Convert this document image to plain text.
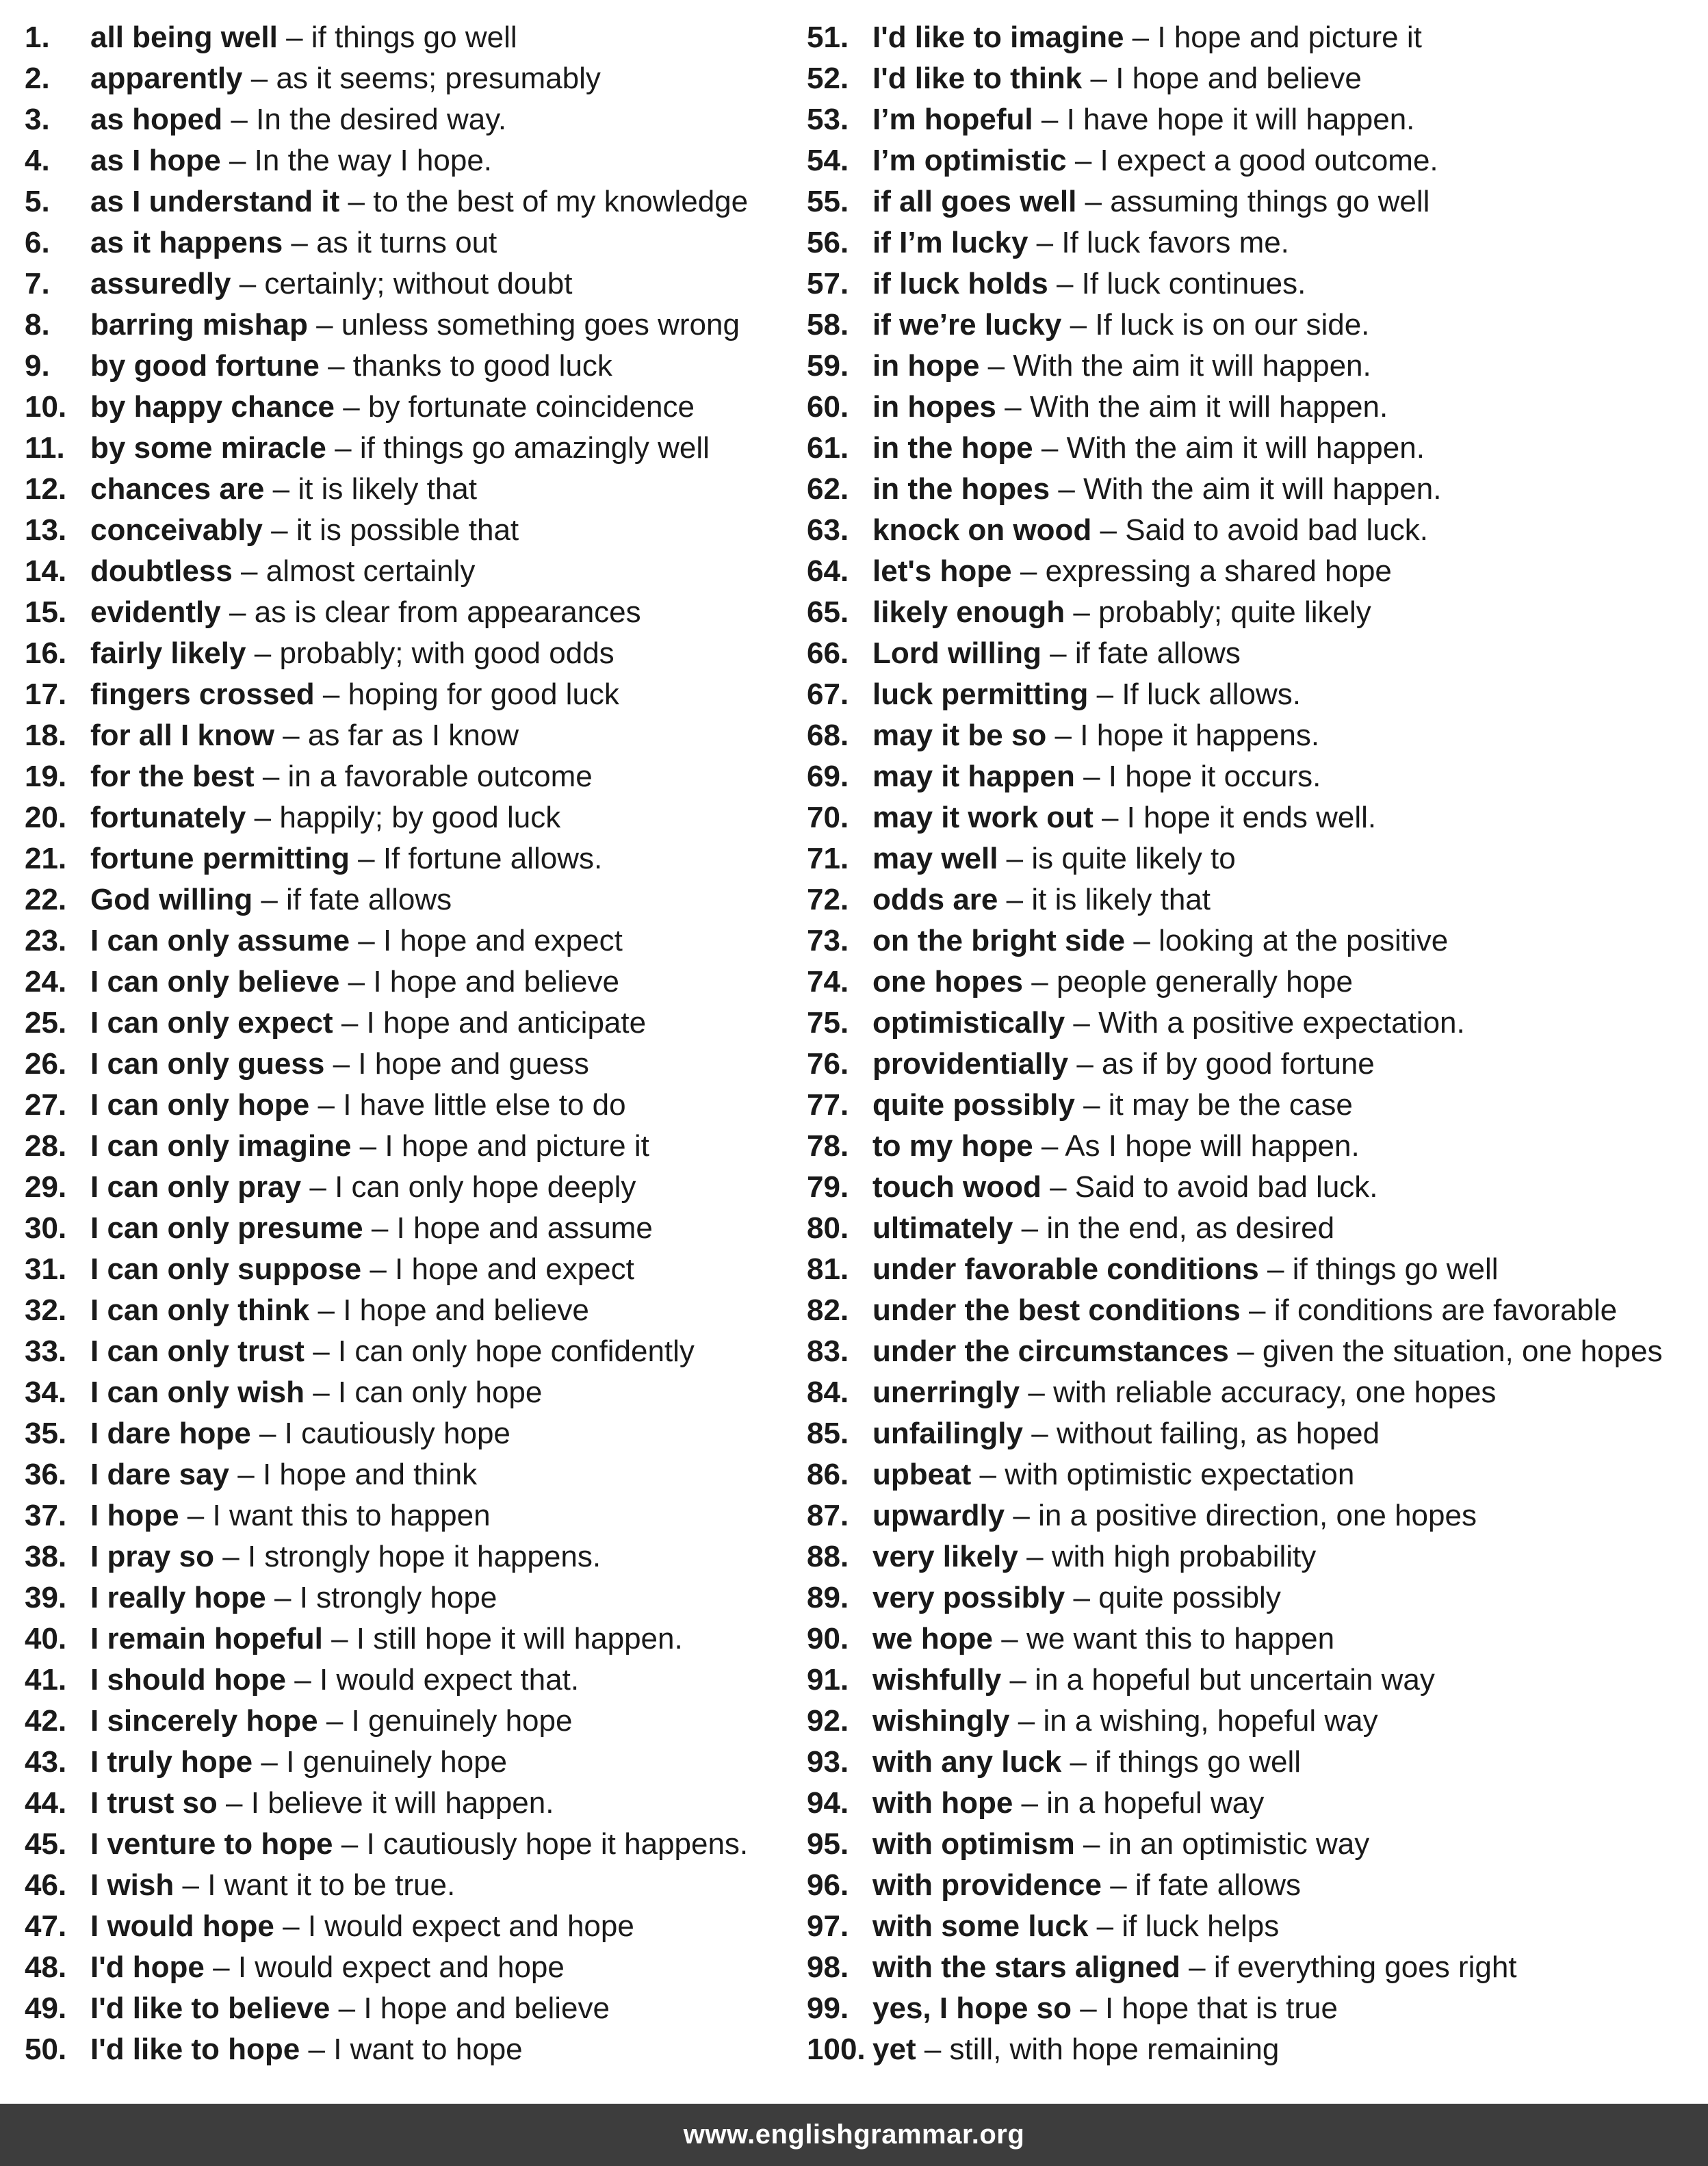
1. all being well – if things go well
2. apparently – as it seems; presumably
3. as hoped – In the desired way.
4. as I hope – In the way I hope.
5. as I understand it – to the best of my knowledge
6. as it happens – as it turns out
7. assuredly – certainly; without doubt
8. barring mishap – unless something goes wrong
9. by good fortune – thanks to good luck
10. by happy chance – by fortunate coincidence
11. by some miracle – if things go amazingly well
12. chances are – it is likely that
13. conceivably – it is possible that
14. doubtless – almost certainly
15. evidently – as is clear from appearances
16. fairly likely – probably; with good odds
17. fingers crossed – hoping for good luck
18. for all I know – as far as I know
19. for the best – in a favorable outcome
20. fortunately – happily; by good luck
21. fortune permitting – If fortune allows.
22. God willing – if fate allows
23. I can only assume – I hope and expect
24. I can only believe – I hope and believe
25. I can only expect – I hope and anticipate
26. I can only guess – I hope and guess
27. I can only hope – I have little else to do
28. I can only imagine – I hope and picture it
29. I can only pray – I can only hope deeply
30. I can only presume – I hope and assume
31. I can only suppose – I hope and expect
32. I can only think – I hope and believe
33. I can only trust – I can only hope confidently
34. I can only wish – I can only hope
35. I dare hope – I cautiously hope
36. I dare say – I hope and think
37. I hope – I want this to happen
38. I pray so – I strongly hope it happens.
39. I really hope – I strongly hope
40. I remain hopeful – I still hope it will happen.
41. I should hope – I would expect that.
42. I sincerely hope – I genuinely hope
43. I truly hope – I genuinely hope
44. I trust so – I believe it will happen.
45. I venture to hope – I cautiously hope it happens.
46. I wish – I want it to be true.
47. I would hope – I would expect and hope
48. I'd hope – I would expect and hope
49. I'd like to believe – I hope and believe
50. I'd like to hope – I want to hope
51. I'd like to imagine – I hope and picture it
52. I'd like to think – I hope and believe
53. I’m hopeful – I have hope it will happen.
54. I’m optimistic – I expect a good outcome.
55. if all goes well – assuming things go well
56. if I’m lucky – If luck favors me.
57. if luck holds – If luck continues.
58. if we’re lucky – If luck is on our side.
59. in hope – With the aim it will happen.
60. in hopes – With the aim it will happen.
61. in the hope – With the aim it will happen.
62. in the hopes – With the aim it will happen.
63. knock on wood – Said to avoid bad luck.
64. let's hope – expressing a shared hope
65. likely enough – probably; quite likely
66. Lord willing – if fate allows
67. luck permitting – If luck allows.
68. may it be so – I hope it happens.
69. may it happen – I hope it occurs.
70. may it work out – I hope it ends well.
71. may well – is quite likely to
72. odds are – it is likely that
73. on the bright side – looking at the positive
74. one hopes – people generally hope
75. optimistically – With a positive expectation.
76. providentially – as if by good fortune
77. quite possibly – it may be the case
78. to my hope – As I hope will happen.
79. touch wood – Said to avoid bad luck.
80. ultimately – in the end, as desired
81. under favorable conditions – if things go well
82. under the best conditions – if conditions are favorable
83. under the circumstances – given the situation, one hopes
84. unerringly – with reliable accuracy, one hopes
85. unfailingly – without failing, as hoped
86. upbeat – with optimistic expectation
87. upwardly – in a positive direction, one hopes
88. very likely – with high probability
89. very possibly – quite possibly
90. we hope – we want this to happen
91. wishfully – in a hopeful but uncertain way
92. wishingly – in a wishing, hopeful way
93. with any luck – if things go well
94. with hope – in a hopeful way
95. with optimism – in an optimistic way
96. with providence – if fate allows
97. with some luck – if luck helps
98. with the stars aligned – if everything goes right
99. yes, I hope so – I hope that is true
100. yet – still, with hope remaining
www.englishgrammar.org
